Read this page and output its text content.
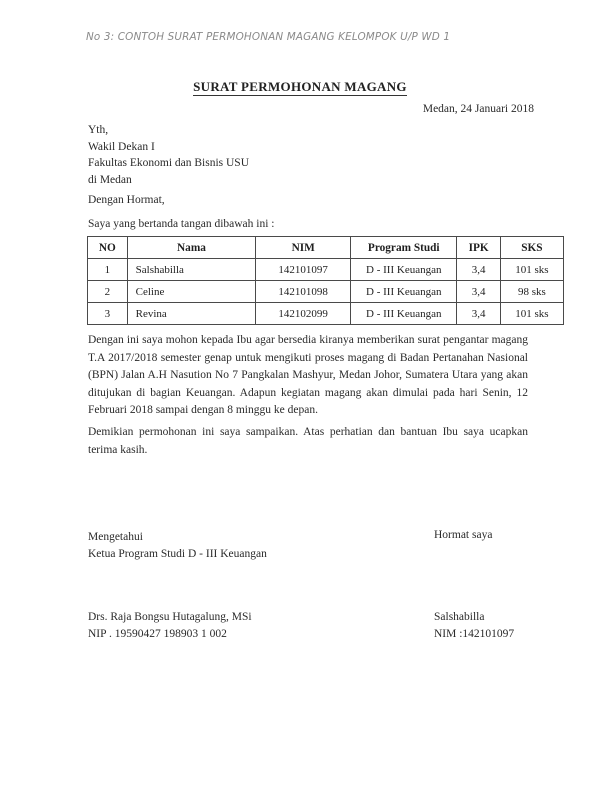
No 3: CONTOH SURAT PERMOHONAN MAGANG KELOMPOK U/P WD 1
SURAT PERMOHONAN MAGANG
Medan, 24 Januari 2018
Yth,
Wakil Dekan I
Fakultas Ekonomi dan Bisnis USU
di Medan
Dengan Hormat,
Saya yang bertanda tangan dibawah ini :
NO	Nama	NIM	Program Studi	IPK	SKS
1	Salshabilla	142101097	D - III Keuangan	3,4	101 sks
2	Celine	142101098	D - III Keuangan	3,4	98 sks
3	Revina	142102099	D - III Keuangan	3,4	101 sks
Dengan ini saya mohon kepada Ibu agar bersedia kiranya memberikan surat pengantar magang T.A 2017/2018 semester genap untuk mengikuti proses magang di Badan Pertanahan Nasional (BPN) Jalan A.H Nasution No 7 Pangkalan Mashyur, Medan Johor, Sumatera Utara yang akan ditujukan di bagian Keuangan. Adapun kegiatan magang akan dimulai pada hari Senin, 12 Februari 2018 sampai dengan 8 minggu ke depan.
Demikian permohonan ini saya sampaikan. Atas perhatian dan bantuan Ibu saya ucapkan terima kasih.
Mengetahui
Ketua Program Studi D - III Keuangan
Hormat saya
Drs. Raja Bongsu Hutagalung, MSi
NIP . 19590427 198903 1 002
Salshabilla
NIM :142101097
